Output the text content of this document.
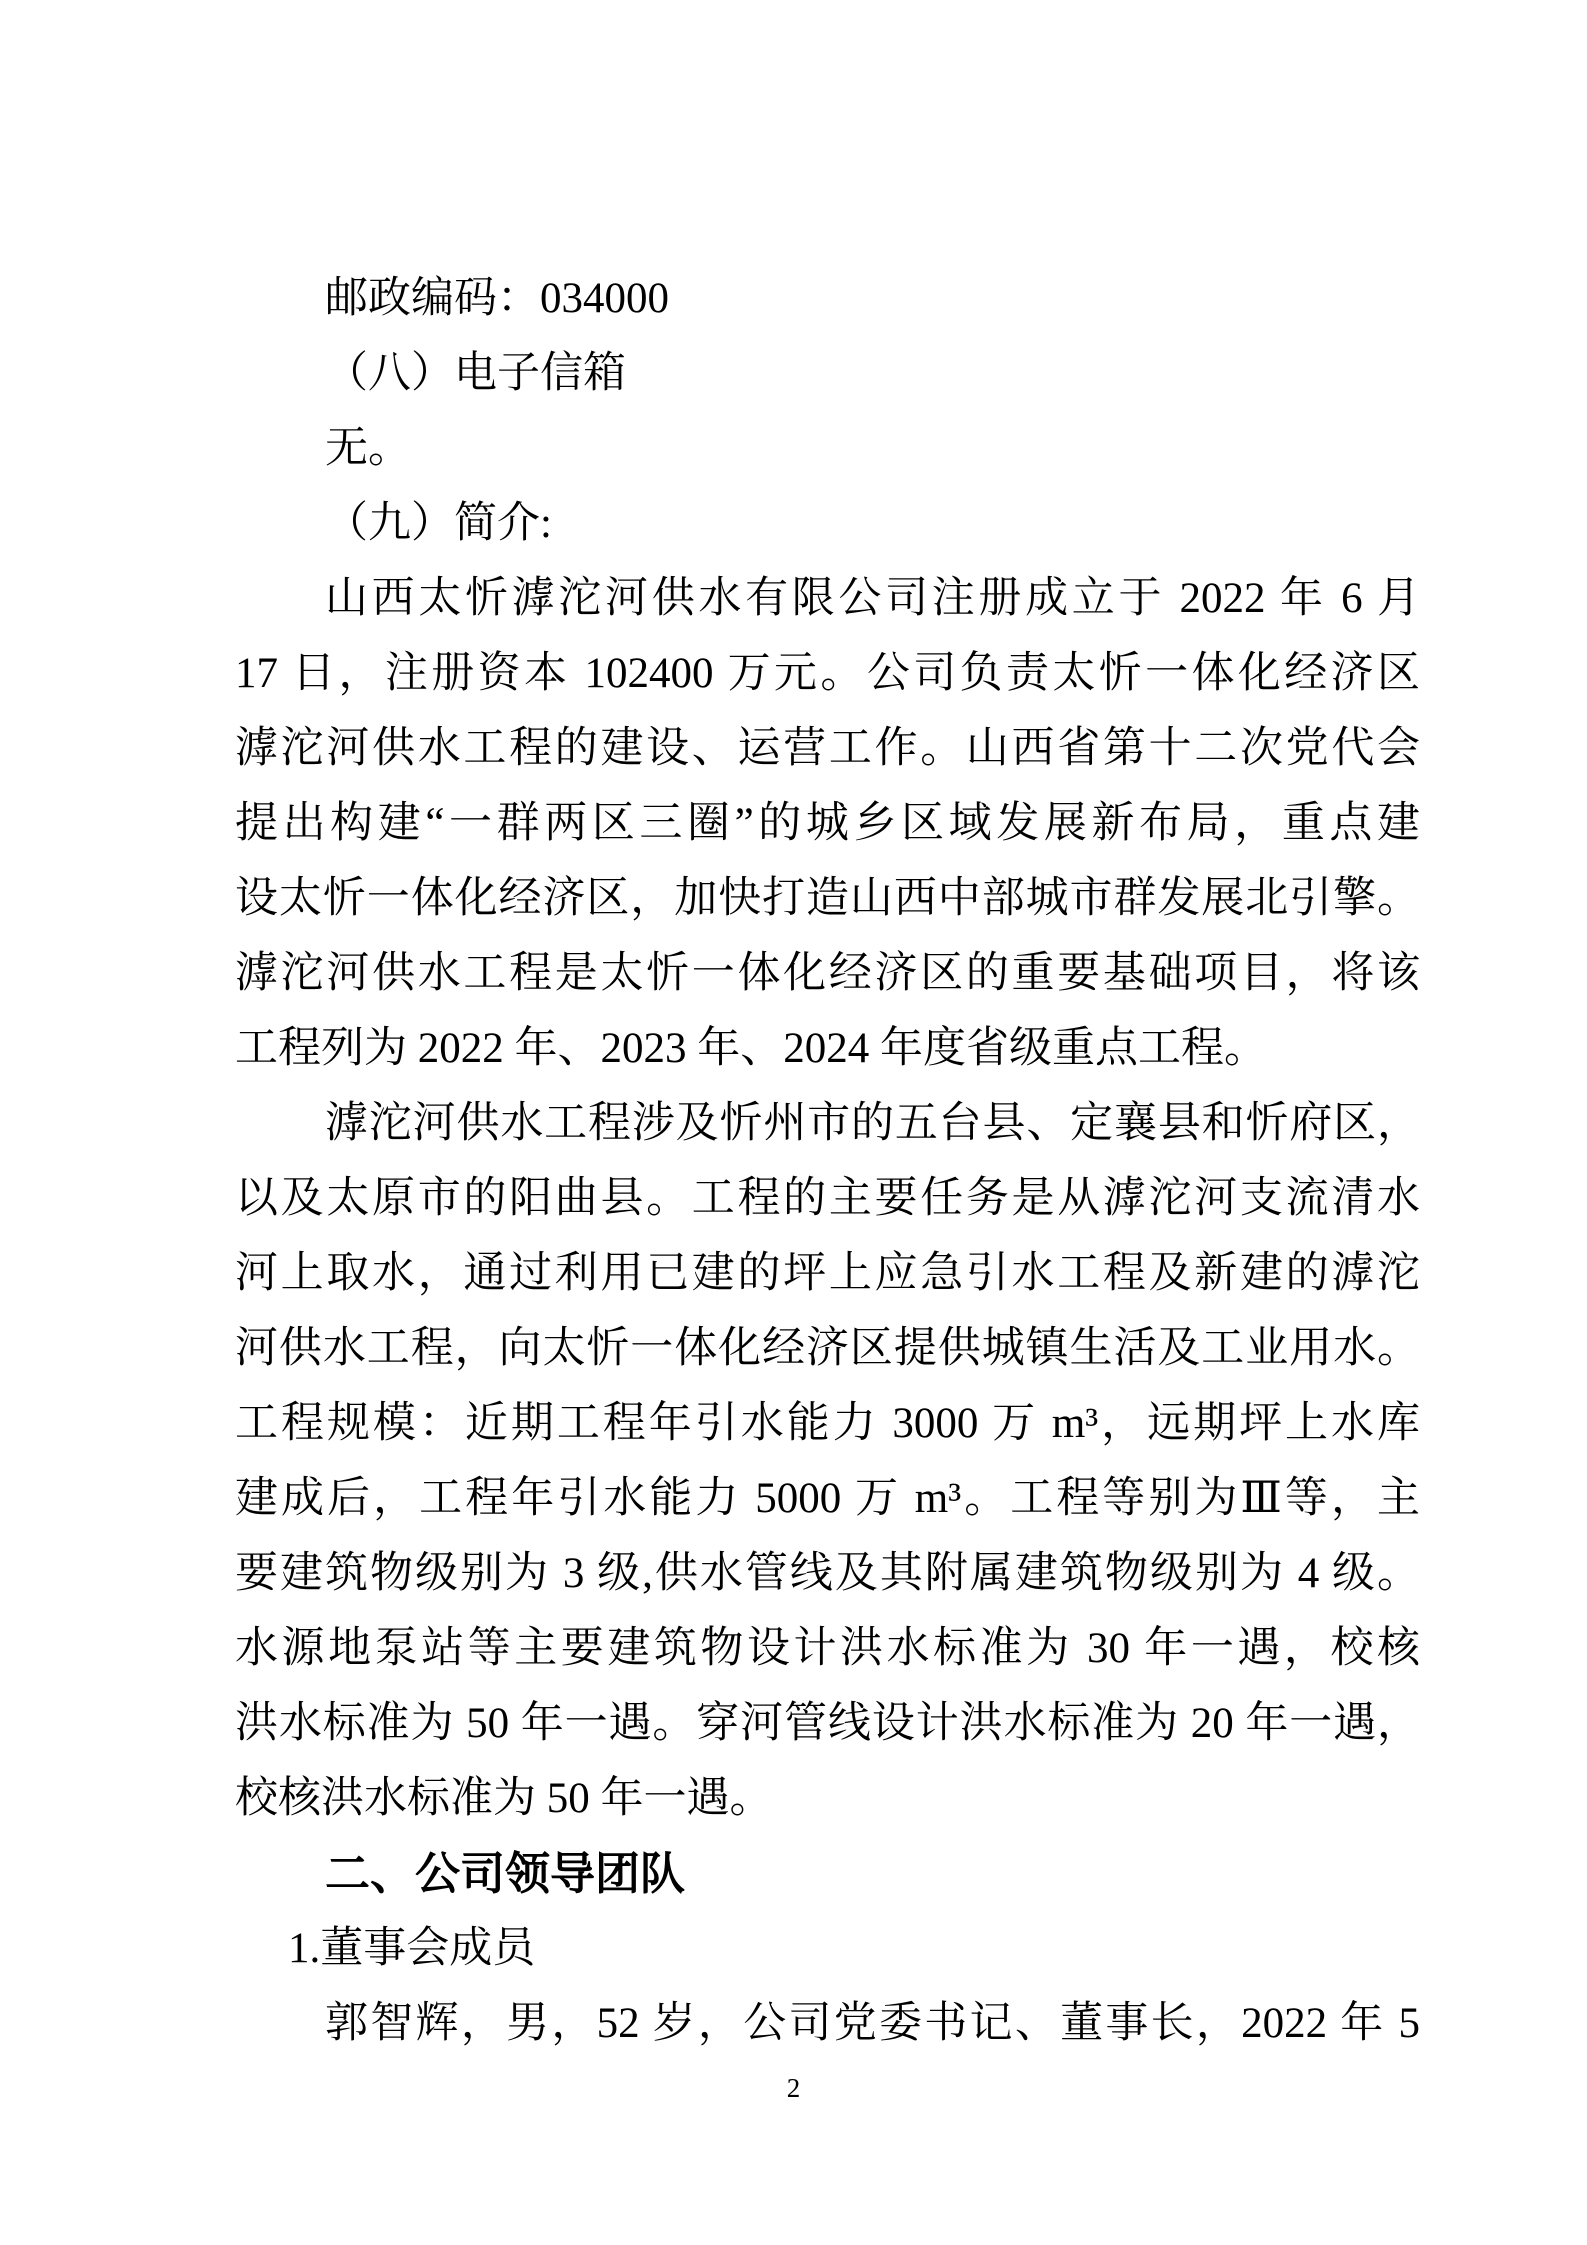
邮政编码：034000
（八）电子信箱
无。
（九）简介:
山西太忻滹沱河供水有限公司注册成立于 2022 年 6 月
17 日，注册资本 102400 万元。公司负责太忻一体化经济区
滹沱河供水工程的建设、运营工作。山西省第十二次党代会
提出构建“一群两区三圈”的城乡区域发展新布局，重点建
设太忻一体化经济区，加快打造山西中部城市群发展北引擎。
滹沱河供水工程是太忻一体化经济区的重要基础项目，将该
工程列为 2022 年、2023 年、2024 年度省级重点工程。
滹沱河供水工程涉及忻州市的五台县、定襄县和忻府区，
以及太原市的阳曲县。工程的主要任务是从滹沱河支流清水
河上取水，通过利用已建的坪上应急引水工程及新建的滹沱
河供水工程，向太忻一体化经济区提供城镇生活及工业用水。
工程规模：近期工程年引水能力 3000 万 m³，远期坪上水库
建成后，工程年引水能力 5000 万 m³。工程等别为Ⅲ等，主
要建筑物级别为 3 级,供水管线及其附属建筑物级别为 4 级。
水源地泵站等主要建筑物设计洪水标准为 30 年一遇，校核
洪水标准为 50 年一遇。穿河管线设计洪水标准为 20 年一遇，
校核洪水标准为 50 年一遇。
二、公司领导团队
1.董事会成员
郭智辉，男，52 岁，公司党委书记、董事长，2022 年 5
2
